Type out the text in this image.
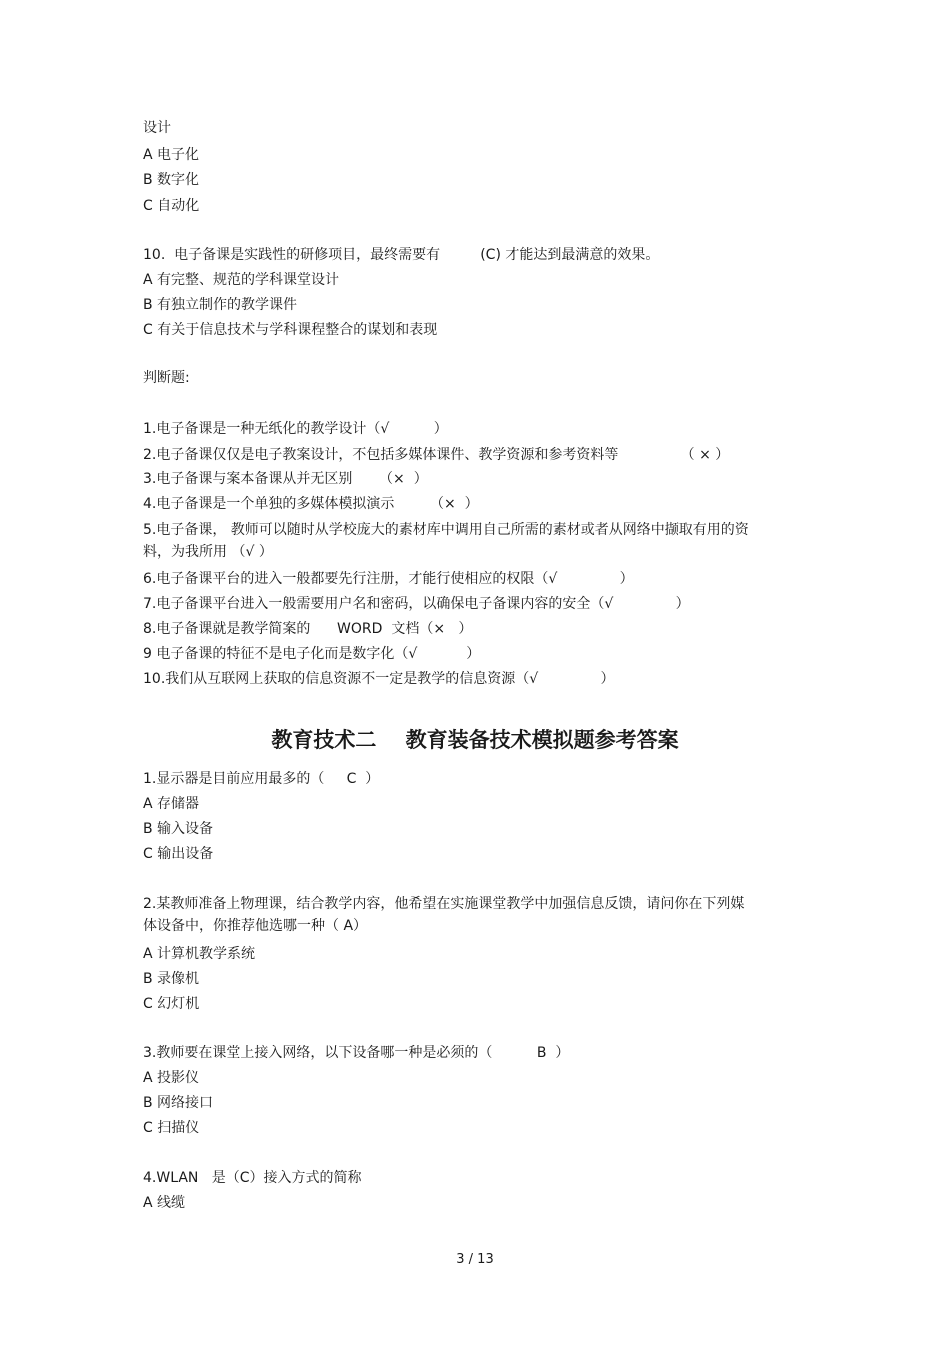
设计

A 电子化

B 数字化

C 自动化

10.  电子备课是实践性的研修项目，最终需要有         (C) 才能达到最满意的效果。

A 有完整、规范的学科课堂设计

B 有独立制作的教学课件

C 有关于信息技术与学科课程整合的谋划和表现

判断题:

1.电子备课是一种无纸化的教学设计（√          ）

2.电子备课仅仅是电子教案设计，不包括多媒体课件、教学资源和参考资料等              （ × ）

3.电子备课与案本备课从并无区别      （×  ）

4.电子备课是一个单独的多媒体模拟演示        （×  ）

5.电子备课， 教师可以随时从学校庞大的素材库中调用自己所需的素材或者从网络中撷取有用的资料，为我所用 （√ ）

6.电子备课平台的进入一般都要先行注册，才能行使相应的权限（√              ）

7.电子备课平台进入一般需要用户名和密码，以确保电子备课内容的安全（√              ）

8.电子备课就是教学简案的      WORD  文档（×   ）

9 电子备课的特征不是电子化而是数字化（√           ）

10.我们从互联网上获取的信息资源不一定是教学的信息资源（√              ）

教育技术二    教育装备技术模拟题参考答案

1.显示器是目前应用最多的（     C  ）

A 存储器

B 输入设备

C 输出设备

2.某教师准备上物理课，结合教学内容，他希望在实施课堂教学中加强信息反馈，请问你在下列媒体设备中，你推荐他选哪一种（ A）

A 计算机教学系统

B 录像机

C 幻灯机

3.教师要在课堂上接入网络，以下设备哪一种是必须的（          B  ）

A 投影仪

B 网络接口

C 扫描仪

4.WLAN   是（C）接入方式的简称

A 线缆

3 / 13
